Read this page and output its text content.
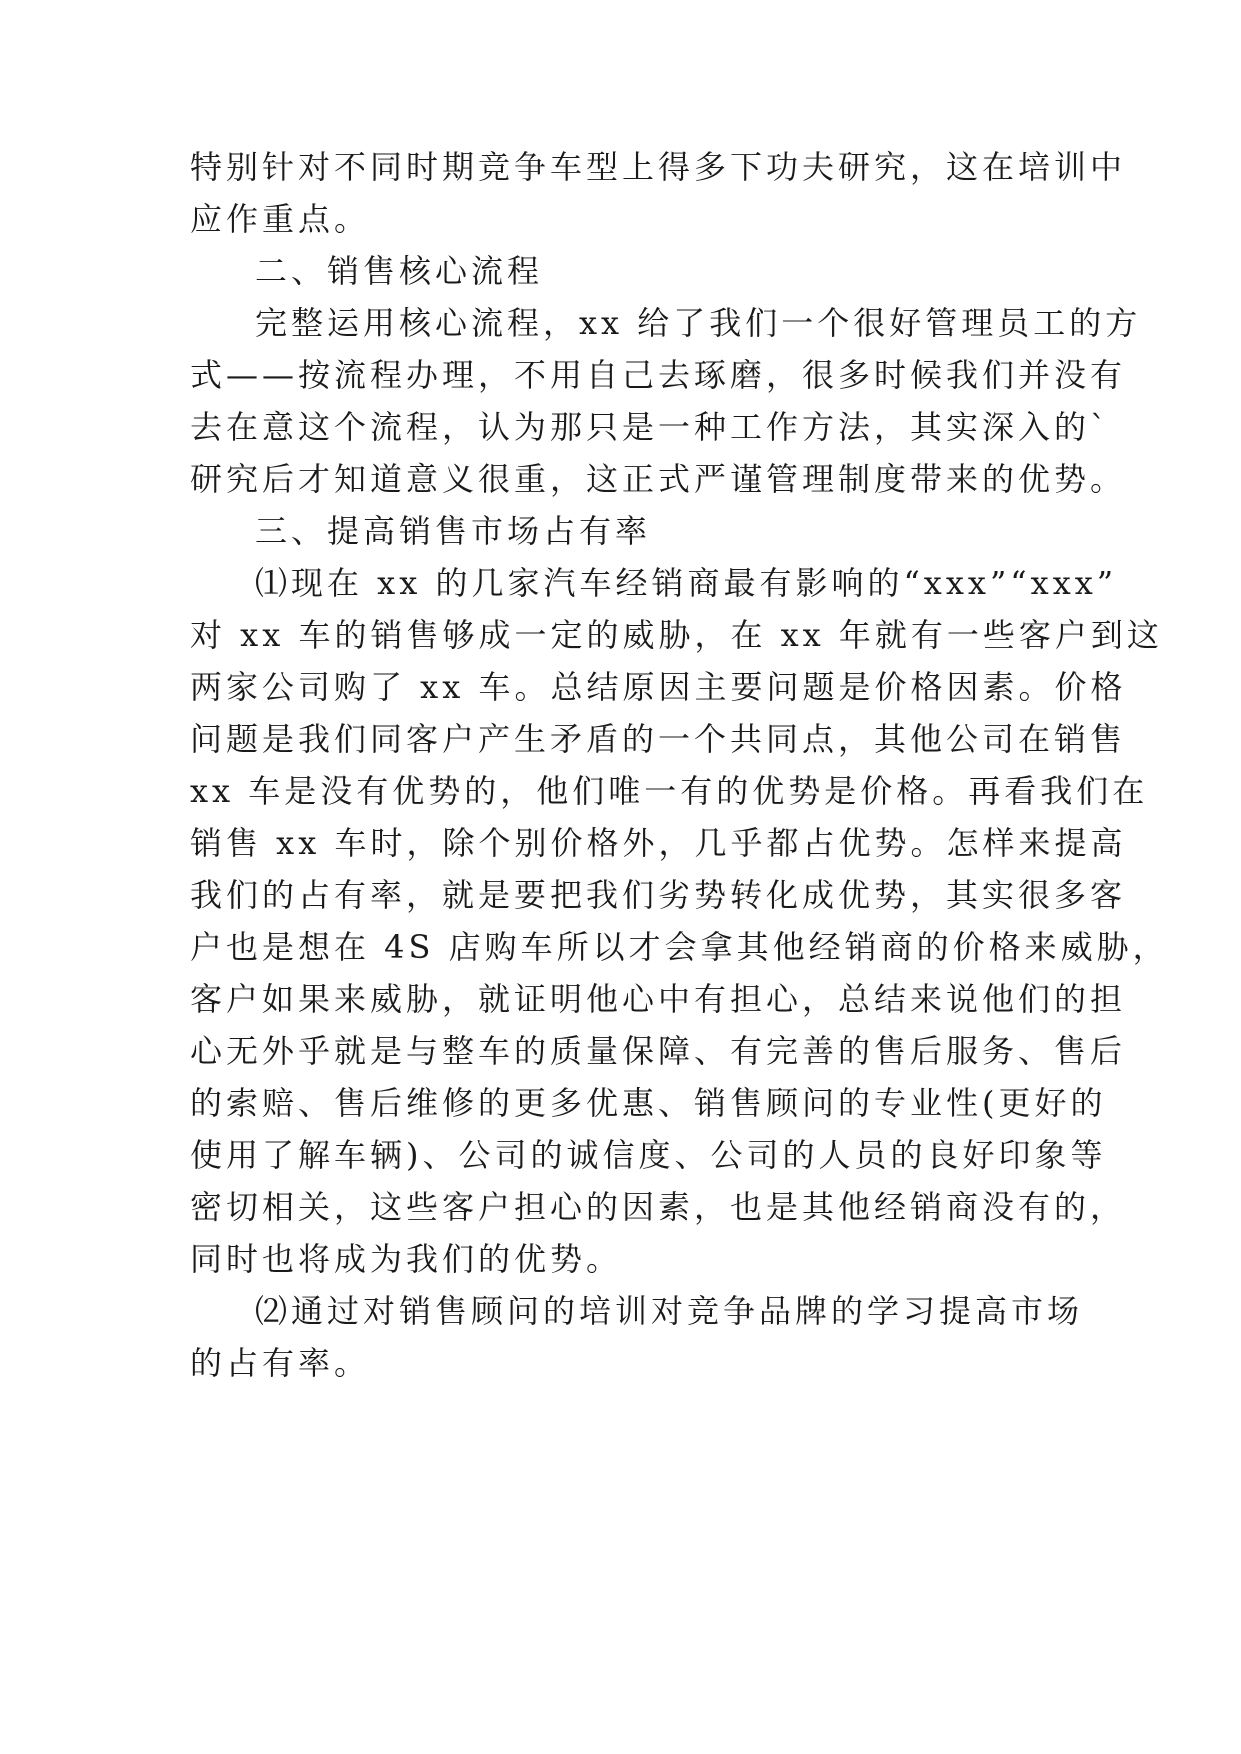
特别针对不同时期竞争车型上得多下功夫研究，这在培训中
应作重点。
二、销售核心流程
完整运用核心流程，xx 给了我们一个很好管理员工的方
式——按流程办理，不用自己去琢磨，很多时候我们并没有
去在意这个流程，认为那只是一种工作方法，其实深入的`
研究后才知道意义很重，这正式严谨管理制度带来的优势。
三、提高销售市场占有率
⑴现在 xx 的几家汽车经销商最有影响的“xxx”“xxx”
对 xx 车的销售够成一定的威胁，在 xx 年就有一些客户到这
两家公司购了 xx 车。总结原因主要问题是价格因素。价格
问题是我们同客户产生矛盾的一个共同点，其他公司在销售
xx 车是没有优势的，他们唯一有的优势是价格。再看我们在
销售 xx 车时，除个别价格外，几乎都占优势。怎样来提高
我们的占有率，就是要把我们劣势转化成优势，其实很多客
户也是想在 4S 店购车所以才会拿其他经销商的价格来威胁，
客户如果来威胁，就证明他心中有担心，总结来说他们的担
心无外乎就是与整车的质量保障、有完善的售后服务、售后
的索赔、售后维修的更多优惠、销售顾问的专业性(更好的
使用了解车辆)、公司的诚信度、公司的人员的良好印象等
密切相关，这些客户担心的因素，也是其他经销商没有的，
同时也将成为我们的优势。
⑵通过对销售顾问的培训对竞争品牌的学习提高市场
的占有率。
